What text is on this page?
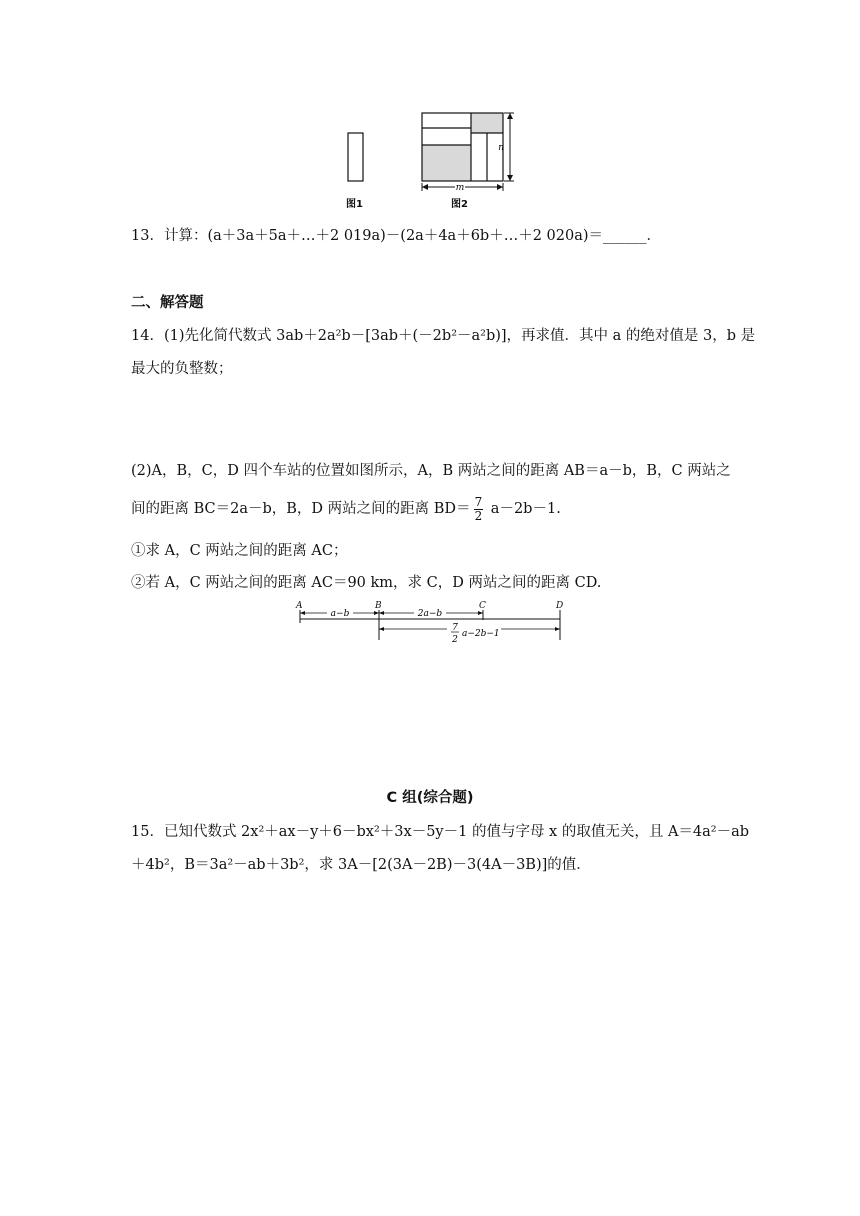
n
m
图1	图2
13．计算：(a＋3a＋5a＋…＋2 019a)－(2a＋4a＋6b＋…＋2 020a)＝______．
二、解答题
14．(1)先化简代数式 3ab＋2a²b－[3ab＋(－2b²－a²b)]，再求值．其中 a 的绝对值是 3，b 是
最大的负整数；
(2)A，B，C，D 四个车站的位置如图所示，A，B 两站之间的距离 AB＝a－b，B，C 两站之
间的距离 BC＝2a－b，B，D 两站之间的距离 $BD= \frac{7}{2} a-2b-1$.
①求 A，C 两站之间的距离 AC；
②若 A，C 两站之间的距离 AC＝90 km，求 C，D 两站之间的距离 CD.
A	B	C	D
a−b	2a−b
7
2
a−2b−1
C 组(综合题)
15．已知代数式 2x²＋ax－y＋6－bx²＋3x－5y－1 的值与字母 x 的取值无关，且 A＝4a²－ab
＋4b²，B＝3a²－ab＋3b²，求 3A－[2(3A－2B)－3(4A－3B)]的值．
